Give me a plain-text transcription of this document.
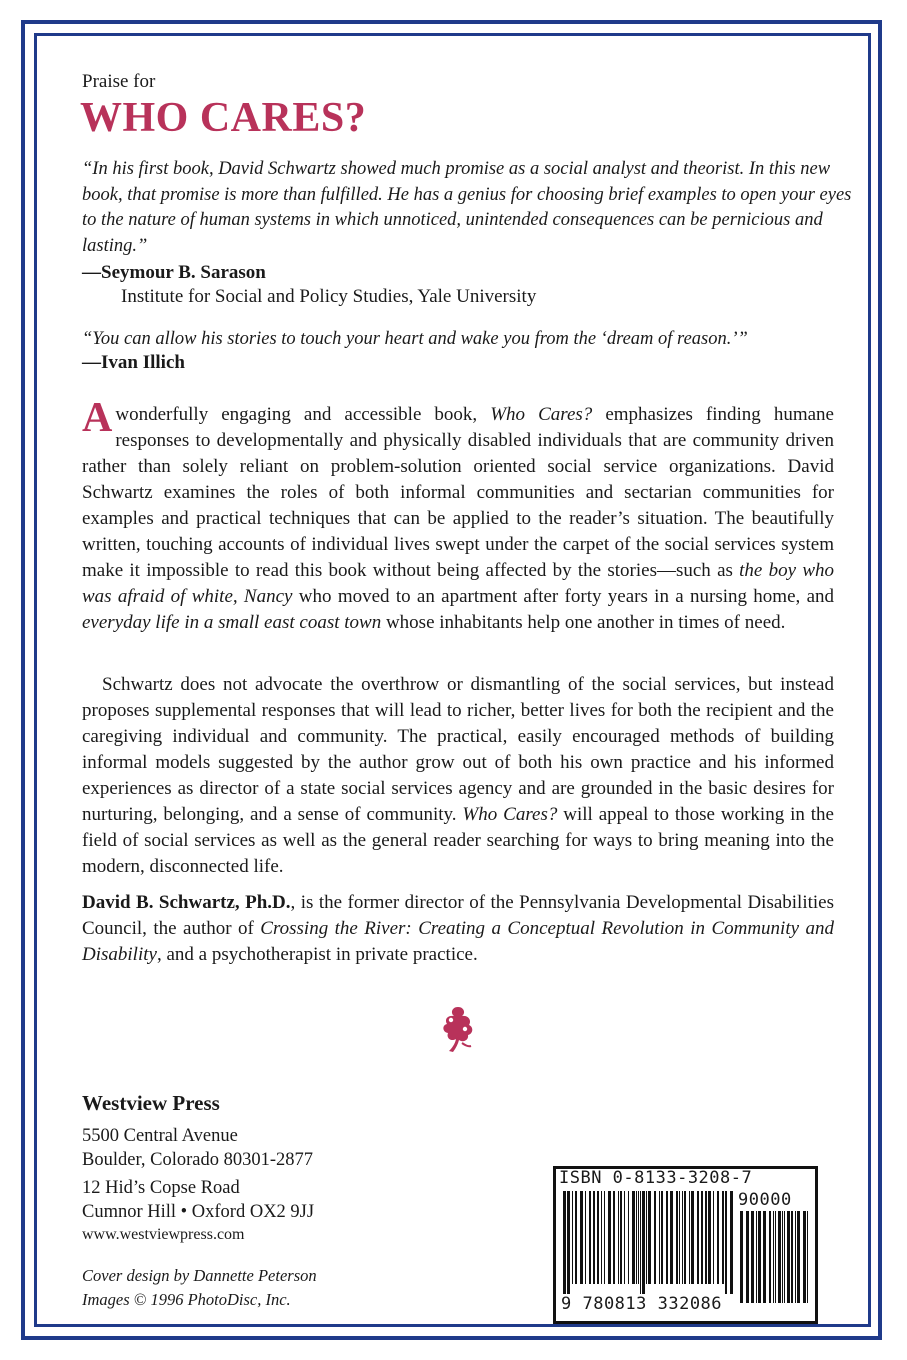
Praise for
WHO CARES?
“In his first book, David Schwartz showed much promise as a social analyst and theorist. In this new book, that promise is more than fulfilled. He has a genius for choosing brief examples to open your eyes to the nature of human systems in which unnoticed, unintended consequences can be pernicious and lasting.”
—Seymour B. Sarason
Institute for Social and Policy Studies, Yale University
“You can allow his stories to touch your heart and wake you from the ‘dream of reason.’”
—Ivan Illich

A wonderfully engaging and accessible book, Who Cares? emphasizes finding humane responses to developmentally and physically disabled individuals that are community driven rather than solely reliant on problem-solution oriented social service organizations. David Schwartz examines the roles of both informal communities and sectarian communities for examples and practical techniques that can be applied to the reader’s situation. The beautifully written, touching accounts of individual lives swept under the carpet of the social services system make it impossible to read this book without being affected by the stories—such as the boy who was afraid of white, Nancy who moved to an apartment after forty years in a nursing home, and everyday life in a small east coast town whose inhabitants help one another in times of need.

Schwartz does not advocate the overthrow or dismantling of the social services, but instead proposes supplemental responses that will lead to richer, better lives for both the recipient and the caregiving individual and community. The practical, easily encouraged methods of building informal models suggested by the author grow out of both his own practice and his informed experiences as director of a state social services agency and are grounded in the basic desires for nurturing, belonging, and a sense of community. Who Cares? will appeal to those working in the field of social services as well as the general reader searching for ways to bring meaning into the modern, disconnected life.

David B. Schwartz, Ph.D., is the former director of the Pennsylvania Developmental Disabilities Council, the author of Crossing the River: Creating a Conceptual Revolution in Community and Disability, and a psychotherapist in private practice.

Westview Press
5500 Central Avenue
Boulder, Colorado 80301-2877
12 Hid’s Copse Road
Cumnor Hill • Oxford OX2 9JJ
www.westviewpress.com
Cover design by Dannette Peterson
Images © 1996 PhotoDisc, Inc.
ISBN 0-8133-3208-7
90000
9 780813 332086
